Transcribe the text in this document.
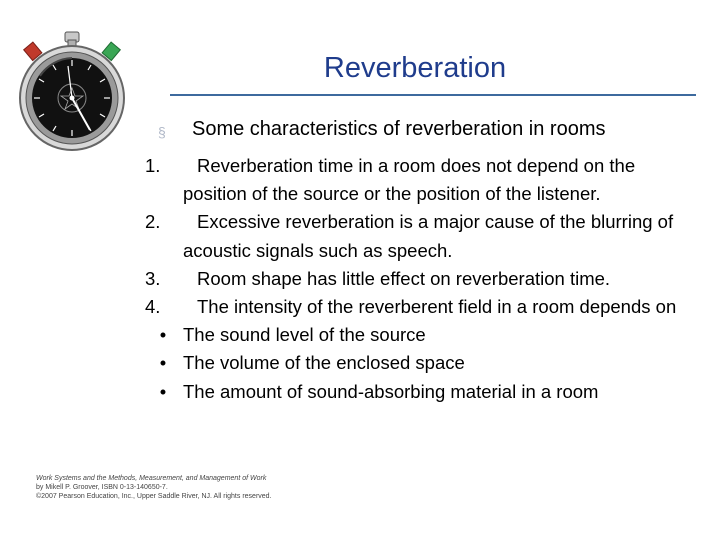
Reverberation
§ Some characteristics of reverberation in rooms
1.	Reverberation time in a room does not depend on the position of the source or the position of the listener.
2.	Excessive reverberation is a major cause of the blurring of acoustic signals such as speech.
3.	Room shape has little effect on reverberation time.
4.	The intensity of the reverberent field in a room depends on
• The sound level of the source
• The volume of the enclosed space
• The amount of sound-absorbing material in a room
Work Systems and the Methods, Measurement, and Management of Work
by Mikell P. Groover, ISBN 0-13-140650-7.
©2007 Pearson Education, Inc., Upper Saddle River, NJ. All rights reserved.
